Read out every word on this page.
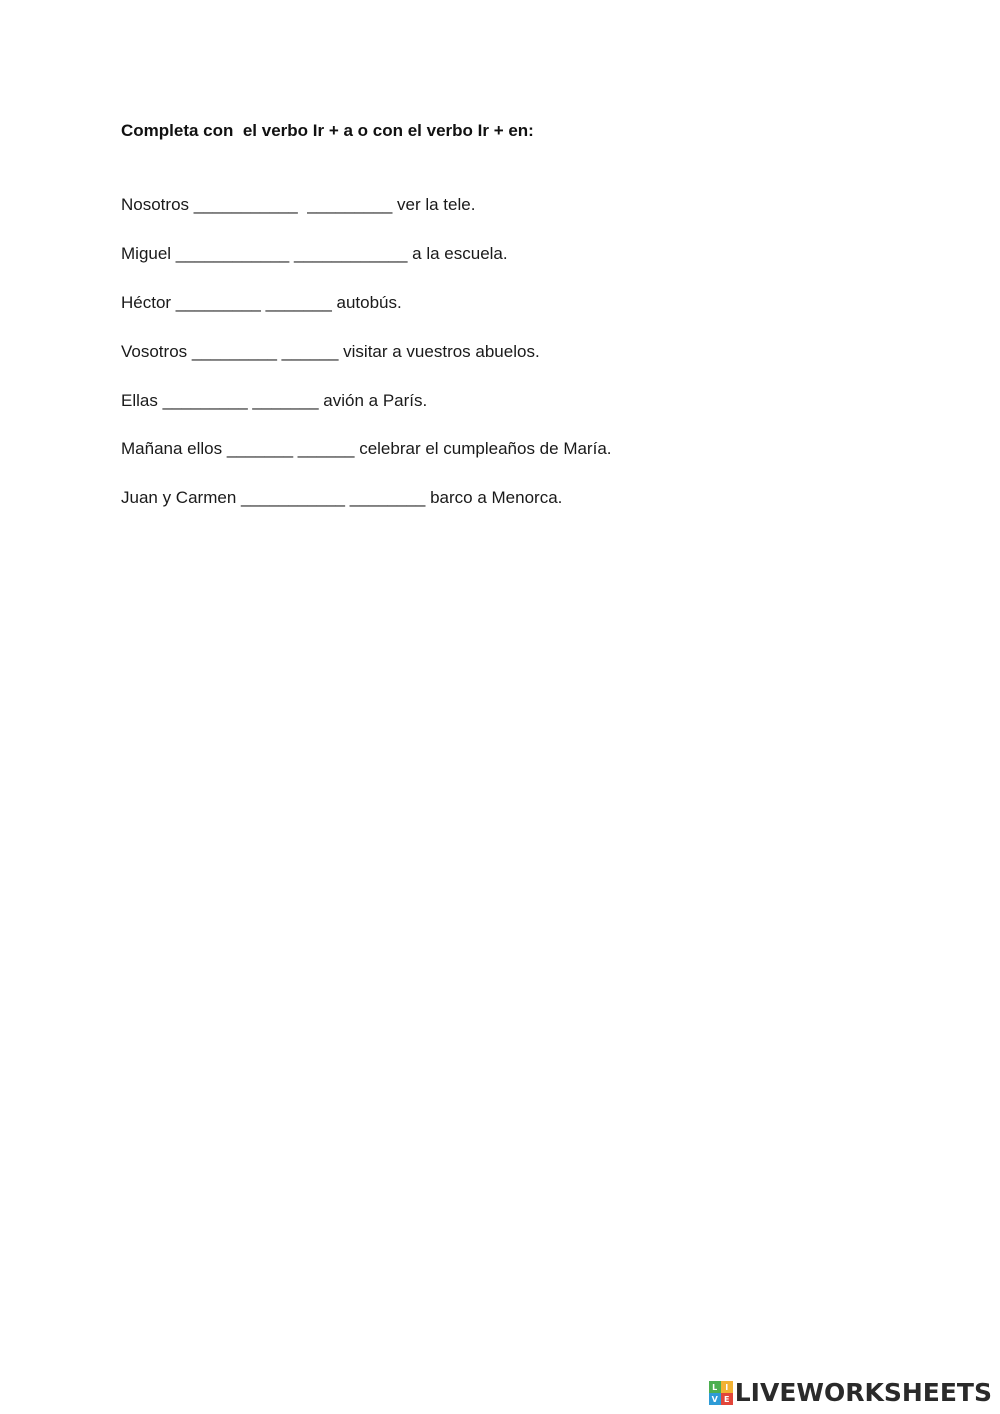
Completa con  el verbo Ir + a o con el verbo Ir + en:
Nosotros ___________  _________ ver la tele.
Miguel ____________ ____________ a la escuela.
Héctor _________ _______ autobús.
Vosotros _________ ______ visitar a vuestros abuelos.
Ellas _________ _______ avión a París.
Mañana ellos _______ ______ celebrar el cumpleaños de María.
Juan y Carmen ___________ ________ barco a Menorca.
L I
V E LIVEWORKSHEETS
